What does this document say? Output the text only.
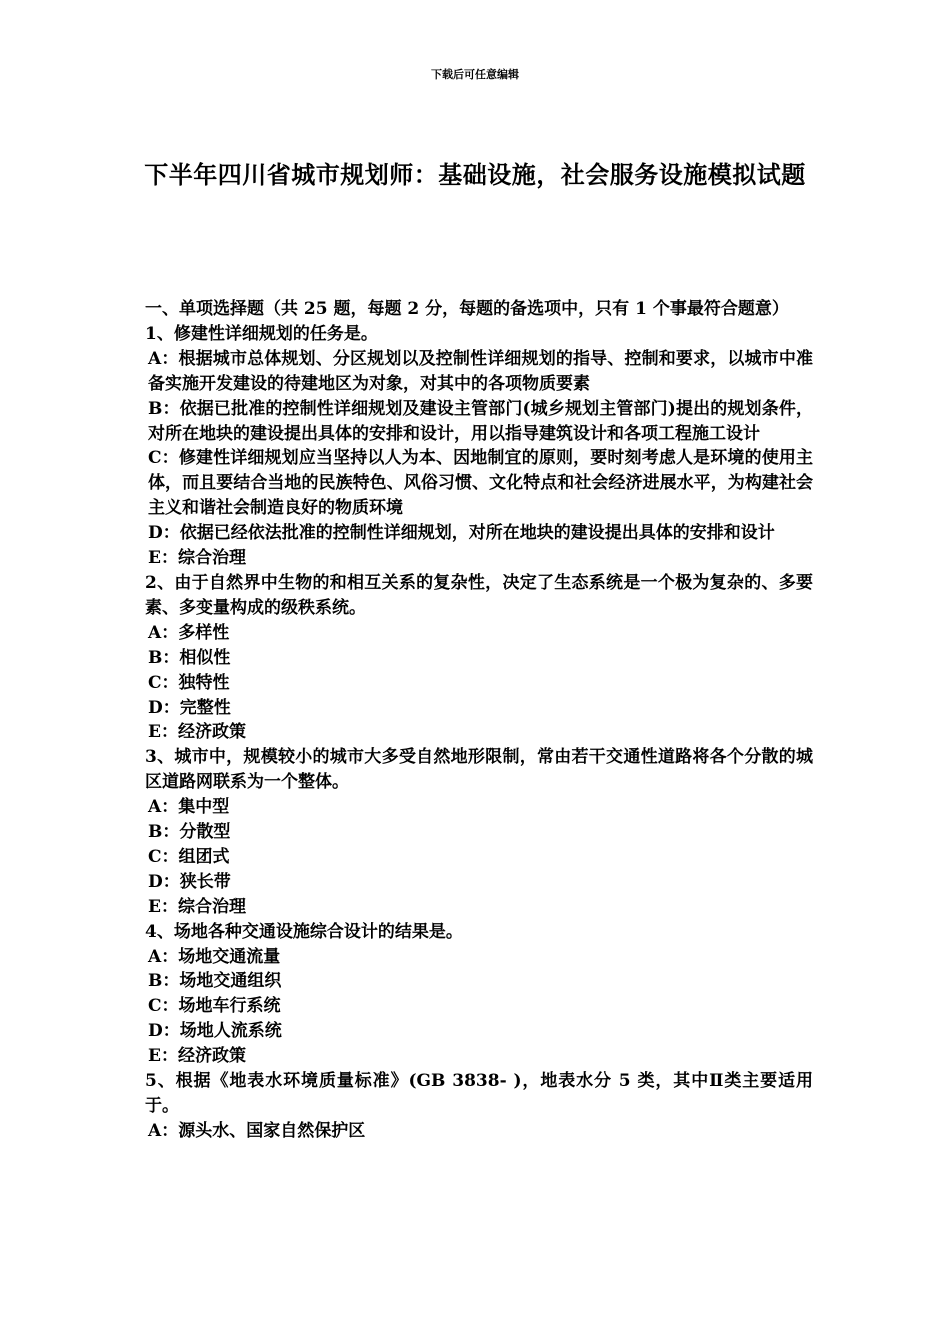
下载后可任意编辑
下半年四川省城市规划师：基础设施，社会服务设施模拟试题

一、单项选择题（共 25 题，每题 2 分，每题的备选项中，只有 1 个事最符合题意）

1、修建性详细规划的任务是。

A：根据城市总体规划、分区规划以及控制性详细规划的指导、控制和要求，以城市中准备实施开发建设的待建地区为对象，对其中的各项物质要素

B：依据已批准的控制性详细规划及建设主管部门(城乡规划主管部门)提出的规划条件，对所在地块的建设提出具体的安排和设计，用以指导建筑设计和各项工程施工设计

C：修建性详细规划应当坚持以人为本、因地制宜的原则，要时刻考虑人是环境的使用主体，而且要结合当地的民族特色、风俗习惯、文化特点和社会经济进展水平，为构建社会主义和谐社会制造良好的物质环境

D：依据已经依法批准的控制性详细规划，对所在地块的建设提出具体的安排和设计

E：综合治理

2、由于自然界中生物的和相互关系的复杂性，决定了生态系统是一个极为复杂的、多要素、多变量构成的级秩系统。

A：多样性

B：相似性

C：独特性

D：完整性

E：经济政策

3、城市中，规模较小的城市大多受自然地形限制，常由若干交通性道路将各个分散的城区道路网联系为一个整体。

A：集中型

B：分散型

C：组团式

D：狭长带

E：综合治理

4、场地各种交通设施综合设计的结果是。

A：场地交通流量

B：场地交通组织

C：场地车行系统

D：场地人流系统

E：经济政策

5、根据《地表水环境质量标准》(GB 3838- )，地表水分 5 类，其中Ⅱ类主要适用于。

A：源头水、国家自然保护区
